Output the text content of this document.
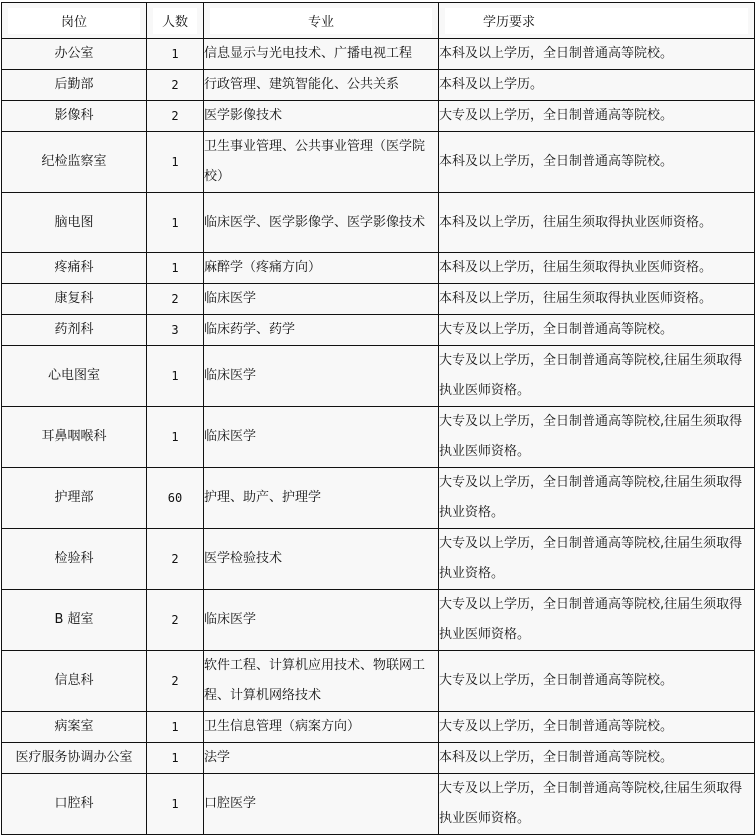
岗位	人数	专业	学历要求

办公室	1	信息显示与光电技术、广播电视工程	本科及以上学历，全日制普通高等院校。
后勤部	2	行政管理、建筑智能化、公共关系	本科及以上学历。
影像科	2	医学影像技术	大专及以上学历，全日制普通高等院校。
纪检监察室	1	卫生事业管理、公共事业管理（医学院校）	本科及以上学历，全日制普通高等院校。
脑电图	1	临床医学、医学影像学、医学影像技术	本科及以上学历，往届生须取得执业医师资格。
疼痛科	1	麻醉学（疼痛方向）	本科及以上学历，往届生须取得执业医师资格。
康复科	2	临床医学	本科及以上学历，往届生须取得执业医师资格。
药剂科	3	临床药学、药学	大专及以上学历，全日制普通高等院校。
心电图室	1	临床医学	大专及以上学历，全日制普通高等院校,往届生须取得执业医师资格。
耳鼻咽喉科	1	临床医学	大专及以上学历，全日制普通高等院校,往届生须取得执业医师资格。
护理部	60	护理、助产、护理学	大专及以上学历，全日制普通高等院校,往届生须取得执业资格。
检验科	2	医学检验技术	大专及以上学历，全日制普通高等院校,往届生须取得执业资格。
B 超室	2	临床医学	大专及以上学历，全日制普通高等院校,往届生须取得执业医师资格。
信息科	2	软件工程、计算机应用技术、物联网工程、计算机网络技术	大专及以上学历，全日制普通高等院校。
病案室	1	卫生信息管理（病案方向）	大专及以上学历，全日制普通高等院校。
医疗服务协调办公室	1	法学	本科及以上学历，全日制普通高等院校。
口腔科	1	口腔医学	大专及以上学历，全日制普通高等院校,往届生须取得执业医师资格。
